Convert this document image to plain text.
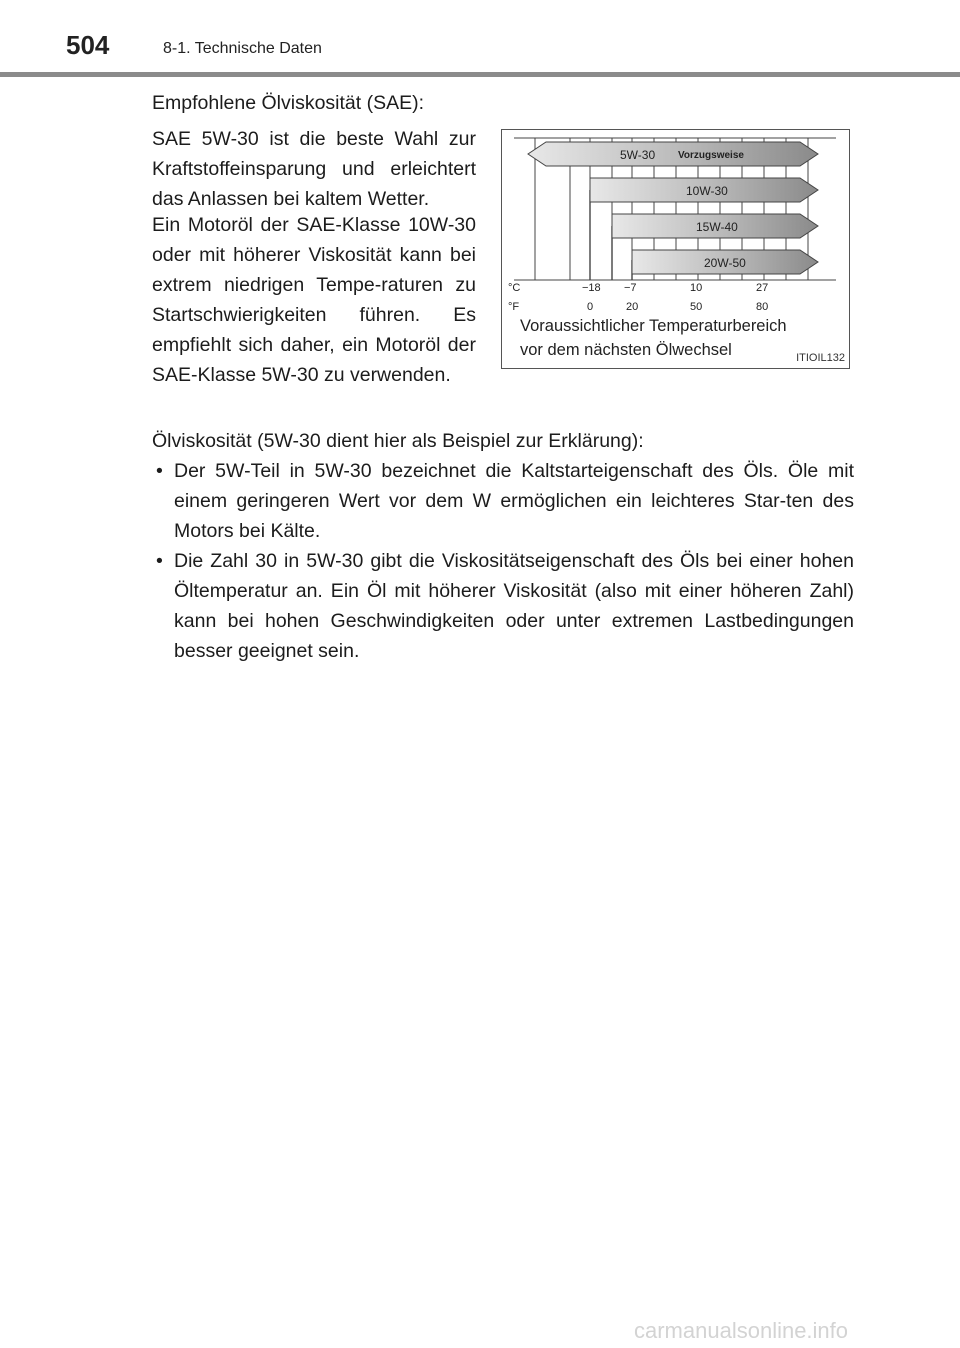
504	8-1. Technische Daten
Empfohlene Ölviskosität (SAE):
SAE 5W-30 ist die beste Wahl zur Kraftstoffeinsparung und erleichtert das Anlassen bei kaltem Wetter.
Ein Motoröl der SAE-Klasse 10W-30 oder mit höherer Viskosität kann bei extrem niedrigen Tempe-raturen zu Startschwierigkeiten führen. Es empfiehlt sich daher, ein Motoröl der SAE-Klasse 5W-30 zu verwenden.
5W-30 Vorzugsweise
10W-30
15W-40
20W-50
°C
°F
−18 −7	10	27
0	20	50	80
Voraussichtlicher Temperaturbereich
vor dem nächsten Ölwechsel	ITIOIL132
Ölviskosität (5W-30 dient hier als Beispiel zur Erklärung):
• Der 5W-Teil in 5W-30 bezeichnet die Kaltstarteigenschaft des Öls. Öle mit einem geringeren Wert vor dem W ermöglichen ein leichteres Star-ten des Motors bei Kälte.
• Die Zahl 30 in 5W-30 gibt die Viskositätseigenschaft des Öls bei einer hohen Öltemperatur an. Ein Öl mit höherer Viskosität (also mit einer höheren Zahl) kann bei hohen Geschwindigkeiten oder unter extremen Lastbedingungen besser geeignet sein.
carmanualsonline.info
